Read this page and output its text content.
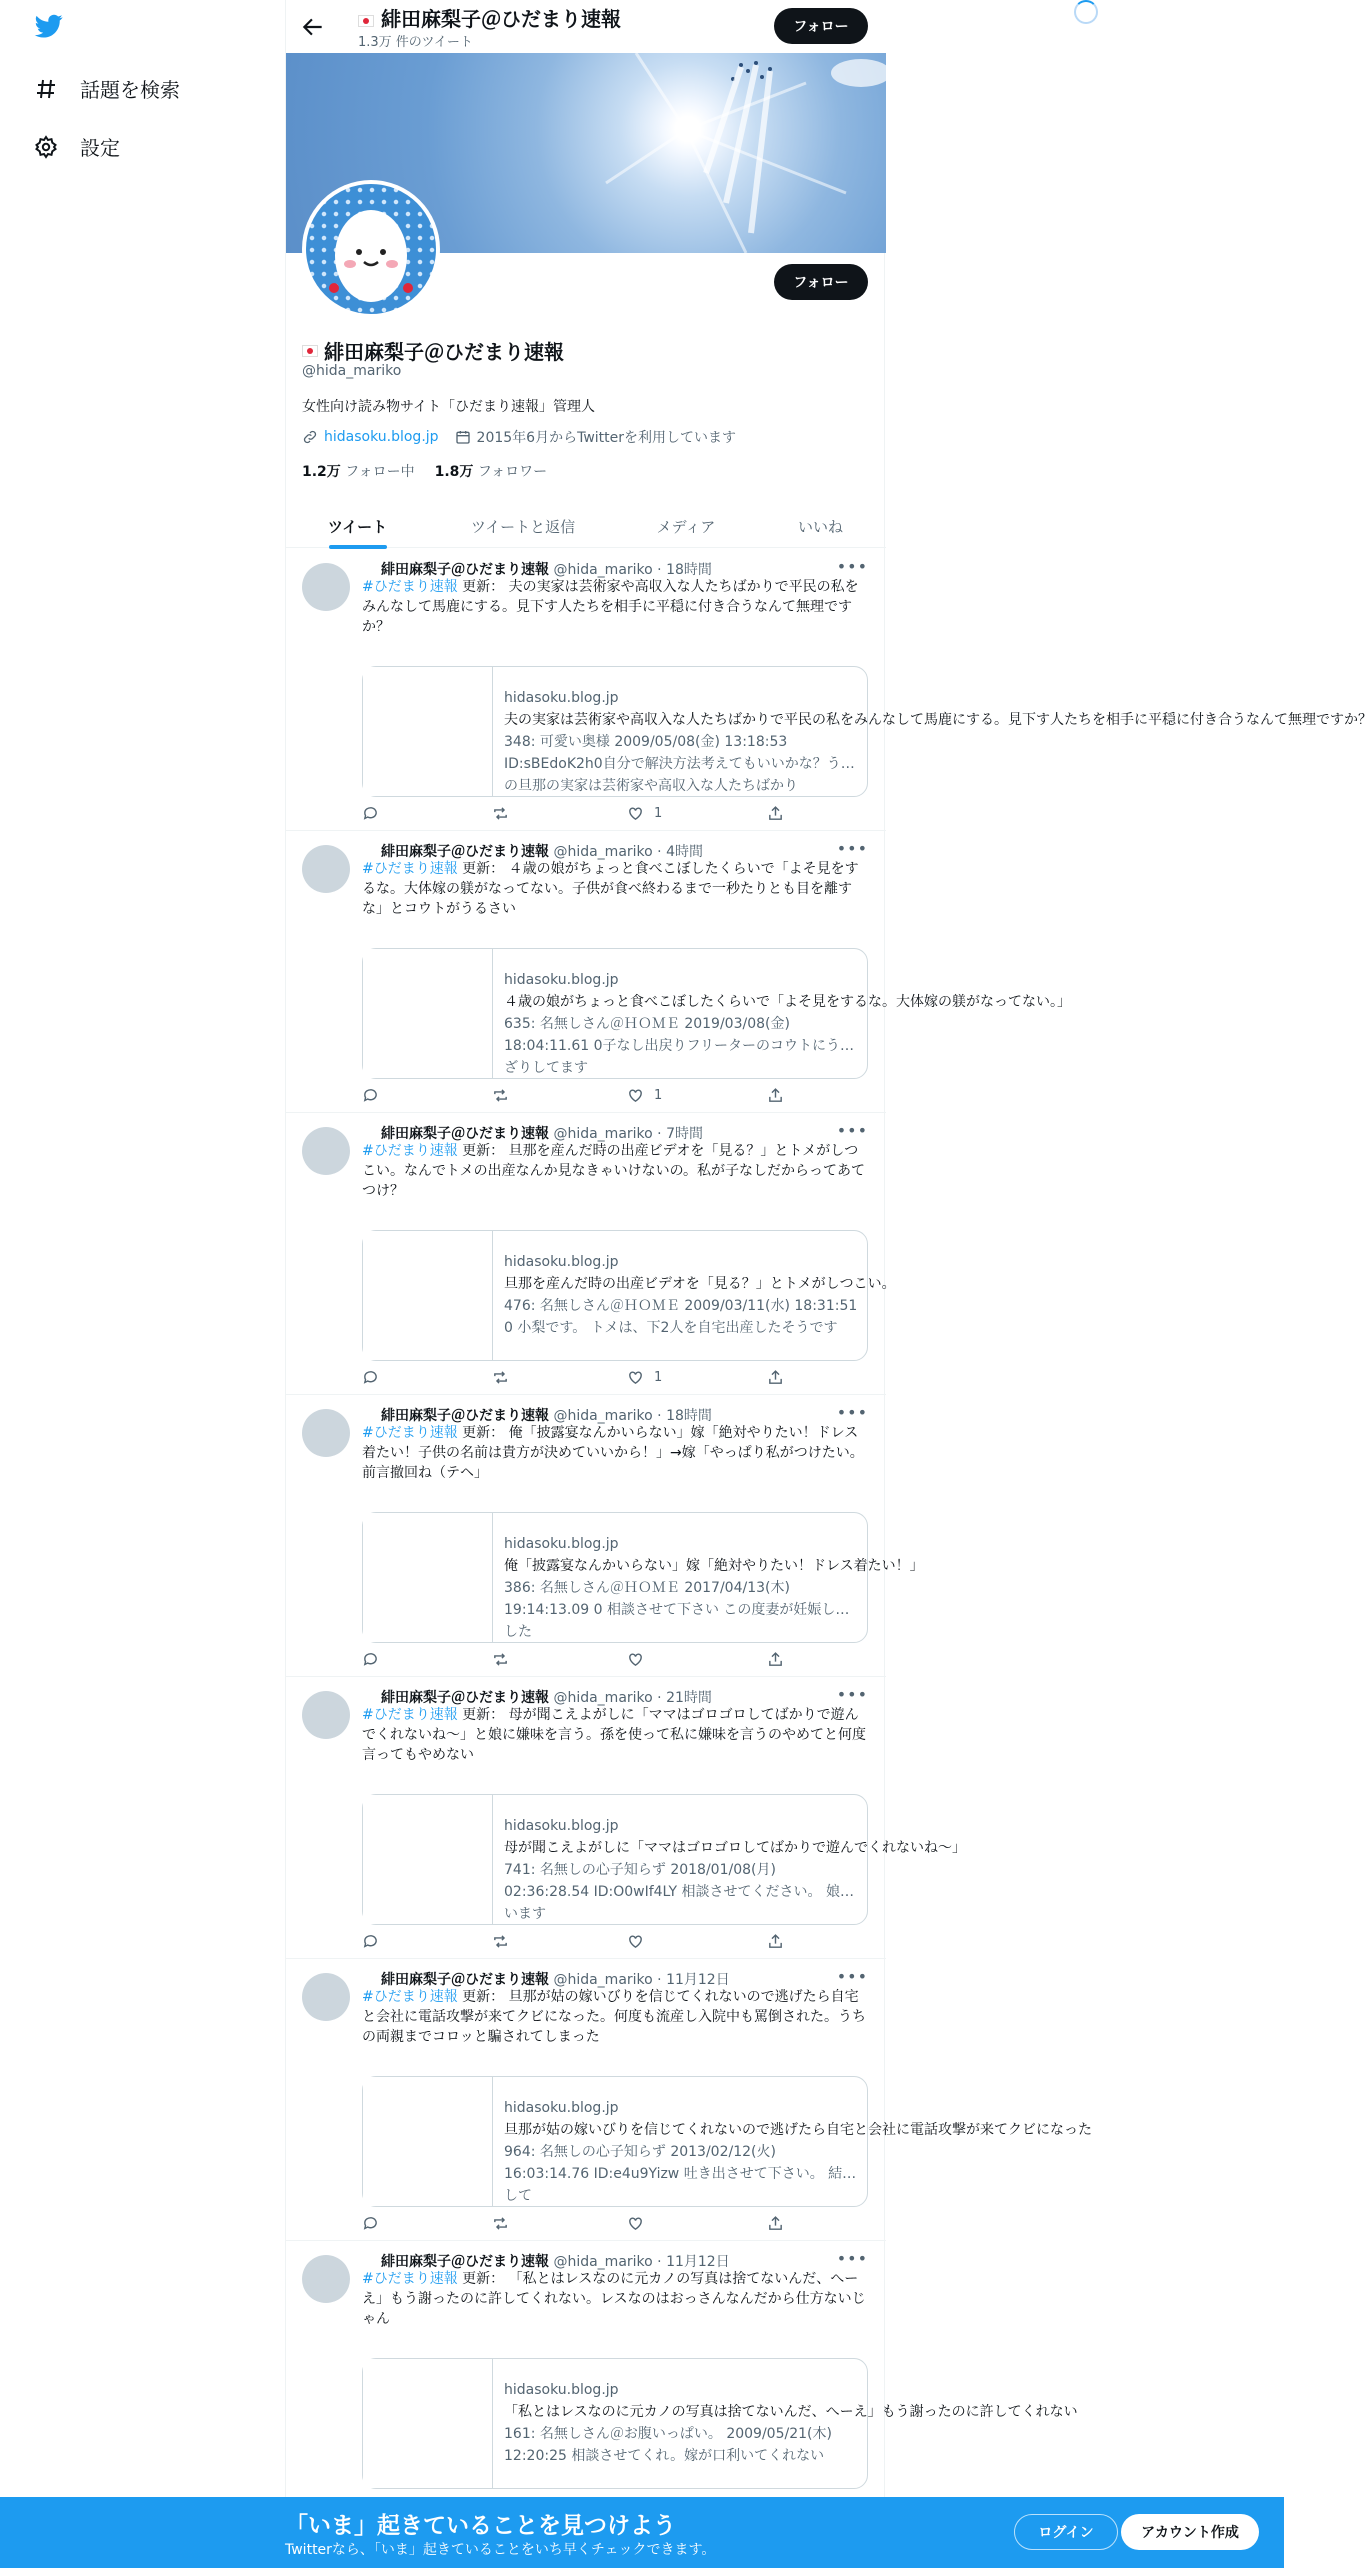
話題を検索
設定
緋田麻梨子＠ひだまり速報
1.3万 件のツイート
フォロー
フォロー
緋田麻梨子＠ひだまり速報
@hida_mariko
女性向け読み物サイト「ひだまり速報」管理人
hidasoku.blog.jp	2015年6月からTwitterを利用しています
1.2万 フォロー中 1.8万 フォロワー
ツイート	ツイートと返信	メディア	いいね
緋田麻梨子＠ひだまり速報 @hida_mariko · 18時間	•••
#ひだまり速報 更新： 夫の実家は芸術家や高収入な人たちばかりで平民の私をみんなして馬鹿にする。見下す人たちを相手に平穏に付き合うなんて無理ですか？
hidasoku.blog.jp
夫の実家は芸術家や高収入な人たちばかりで平民の私をみんなして馬鹿にする。見下す人たちを相手に平穏に付き合うなんて無理ですか？
348: 可愛い奥様 2009/05/08(金) 13:18:53 ID:sBEdoK2h0自分で解決方法考えてもいいかな？うちの旦那の実家は芸術家や高収入な人たちばかり
1
緋田麻梨子＠ひだまり速報 @hida_mariko · 4時間	•••
#ひだまり速報 更新： ４歳の娘がちょっと食べこぼしたくらいで「よそ見をするな。大体嫁の躾がなってない。子供が食べ終わるまで一秒たりとも目を離すな」とコウトがうるさい
hidasoku.blog.jp
４歳の娘がちょっと食べこぼしたくらいで「よそ見をするな。大体嫁の躾がなってない。」
635: 名無しさん＠ＨＯＭＥ 2019/03/08(金) 18:04:11.61 0子なし出戻りフリーターのコウトにうんざりしてます
1
緋田麻梨子＠ひだまり速報 @hida_mariko · 7時間	•••
#ひだまり速報 更新： 旦那を産んだ時の出産ビデオを「見る？」とトメがしつこい。なんでトメの出産なんか見なきゃいけないの。私が子なしだからってあてつけ？
hidasoku.blog.jp
旦那を産んだ時の出産ビデオを「見る？」とトメがしつこい。
476: 名無しさん＠ＨＯＭＥ 2009/03/11(水) 18:31:51 0 小梨です。 トメは、下2人を自宅出産したそうです
1
緋田麻梨子＠ひだまり速報 @hida_mariko · 18時間	•••
#ひだまり速報 更新： 俺「披露宴なんかいらない」嫁「絶対やりたい！ドレス着たい！子供の名前は貴方が決めていいから！」→嫁「やっぱり私がつけたい。前言撤回ね（テヘ」
hidasoku.blog.jp
俺「披露宴なんかいらない」嫁「絶対やりたい！ドレス着たい！」
386: 名無しさん＠ＨＯＭＥ 2017/04/13(木) 19:14:13.09 0 相談させて下さい この度妻が妊娠しました
緋田麻梨子＠ひだまり速報 @hida_mariko · 21時間	•••
#ひだまり速報 更新： 母が聞こえよがしに「ママはゴロゴロしてばかりで遊んでくれないね～」と娘に嫌味を言う。孫を使って私に嫌味を言うのやめてと何度言ってもやめない
hidasoku.blog.jp
母が聞こえよがしに「ママはゴロゴロしてばかりで遊んでくれないね～」
741: 名無しの心子知らず 2018/01/08(月) 02:36:28.54 ID:O0wIf4LY 相談させてください。 娘がいます
緋田麻梨子＠ひだまり速報 @hida_mariko · 11月12日	•••
#ひだまり速報 更新： 旦那が姑の嫁いびりを信じてくれないので逃げたら自宅と会社に電話攻撃が来てクビになった。何度も流産し入院中も罵倒された。うちの両親までコロッと騙されてしまった
hidasoku.blog.jp
旦那が姑の嫁いびりを信じてくれないので逃げたら自宅と会社に電話攻撃が来てクビになった
964: 名無しの心子知らず 2013/02/12(火) 16:03:14.76 ID:e4u9Yizw 吐き出させて下さい。 結婚して
緋田麻梨子＠ひだまり速報 @hida_mariko · 11月12日	•••
#ひだまり速報 更新： 「私とはレスなのに元カノの写真は捨てないんだ、へーえ」もう謝ったのに許してくれない。レスなのはおっさんなんだから仕方ないじゃん
hidasoku.blog.jp
「私とはレスなのに元カノの写真は捨てないんだ、へーえ」もう謝ったのに許してくれない
161: 名無しさん＠お腹いっぱい。 2009/05/21(木) 12:20:25 相談させてくれ。嫁が口利いてくれない
「いま」起きていることを見つけよう
Twitterなら、「いま」起きていることをいち早くチェックできます。
ログイン	アカウント作成
